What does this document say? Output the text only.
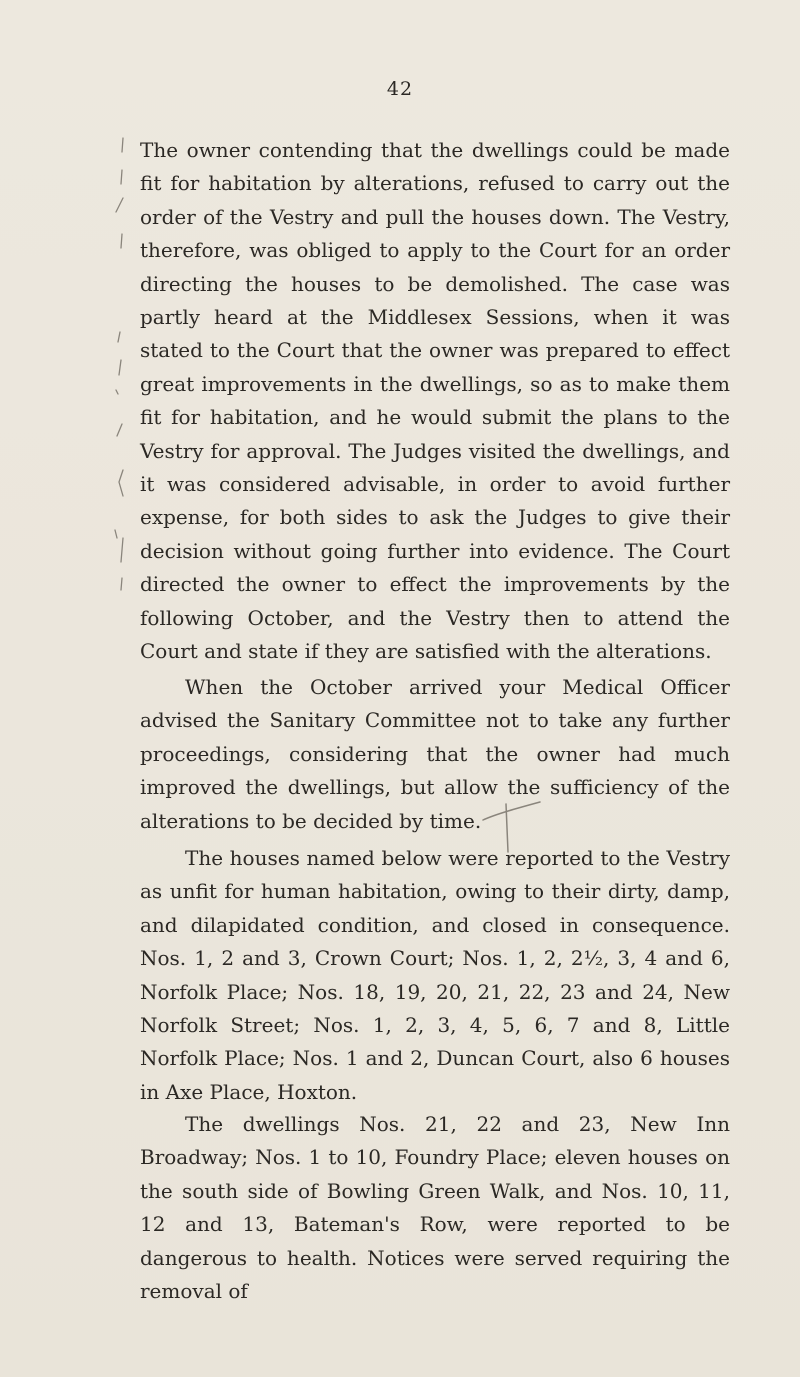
42

The owner contending that the dwellings could be made fit for habitation by alterations, refused to carry out the order of the Vestry and pull the houses down. The Vestry, therefore, was obliged to apply to the Court for an order directing the houses to be demolished. The case was partly heard at the Middlesex Sessions, when it was stated to the Court that the owner was prepared to effect great improvements in the dwellings, so as to make them fit for habitation, and he would submit the plans to the Vestry for approval. The Judges visited the dwellings, and it was considered advisable, in order to avoid further expense, for both sides to ask the Judges to give their decision without going further into evidence. The Court directed the owner to effect the improvements by the following October, and the Vestry then to attend the Court and state if they are satisfied with the alterations.

When the October arrived your Medical Officer advised the Sanitary Committee not to take any further proceedings, considering that the owner had much improved the dwellings, but allow the sufficiency of the alterations to be decided by time.

The houses named below were reported to the Vestry as unfit for human habitation, owing to their dirty, damp, and dilapidated condition, and closed in consequence. Nos. 1, 2 and 3, Crown Court; Nos. 1, 2, 2½, 3, 4 and 6, Norfolk Place; Nos. 18, 19, 20, 21, 22, 23 and 24, New Norfolk Street; Nos. 1, 2, 3, 4, 5, 6, 7 and 8, Little Norfolk Place; Nos. 1 and 2, Duncan Court, also 6 houses in Axe Place, Hoxton.

The dwellings Nos. 21, 22 and 23, New Inn Broadway; Nos. 1 to 10, Foundry Place; eleven houses on the south side of Bowling Green Walk, and Nos. 10, 11, 12 and 13, Bateman's Row, were reported to be dangerous to health. Notices were served requiring the removal of
